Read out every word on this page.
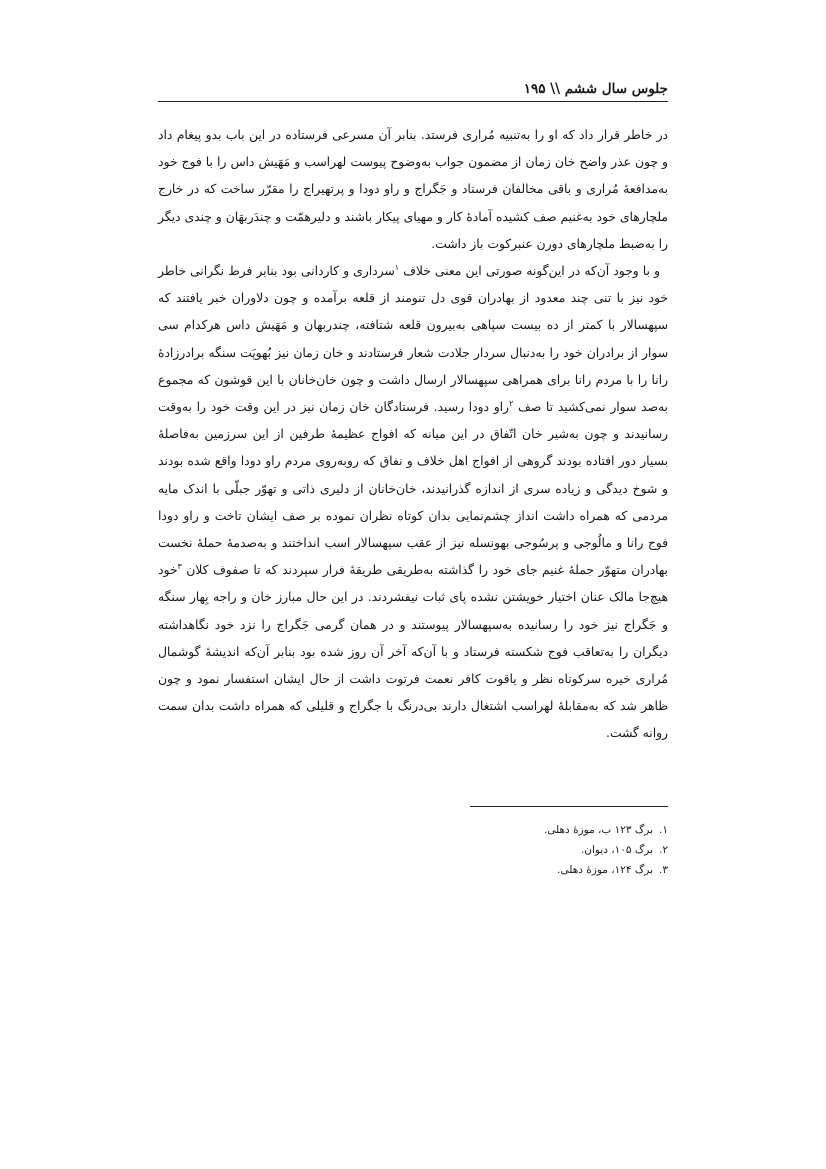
جلوس سال ششم \\ ۱۹۵

در خاطر قرار داد که او را به‌تنبیه مُراری فرستد. بنابر آن مسرعی فرستاده در این باب بدو پیغام داد و چون عذر واضح خان زمان از مضمون جواب به‌وضوح پیوست لهراسب و مَهَیش داس را با فوج خود به‌مدافعهٔ مُراری و باقی مخالفان فرستاد و جَگراج و راو دودا و پرتهیراج را مقرّر ساخت که در خارج ملچارهای خود به‌غنیم صف کشیده آمادهٔ کار و مهیای پیکار باشند و دلیرهمّت و چندَربهَان و چندی دیگر را به‌ضبط ملچارهای دورن عنبرکوت باز داشت.

و با وجود آن‌که در این‌گونه صورتی این معنی خلاف $^۱$سرداری و کاردانی بود بنابر فرط نگرانی خاطر خود نیز با تنی چند معدود از بهادران قوی دل تنومند از قلعه برآمده و چون دلاوران خبر یافتند که سپهسالار با کمتر از ده بیست سپاهی به‌بیرون قلعه شتافته، چندربهان و مَهَیش داس هرکدام سی سوار از برادران خود را به‌دنبال سردار جلادت شعار فرستادند و خان زمان نیز بُهوپَت سنگه برادرزادهٔ رانا را با مردم رانا برای همراهی سپهسالار ارسال داشت و چون خان‌خانان با این قوشون که مجموع به‌صد سوار نمی‌کشید تا صف $^۲$راو دودا رسید. فرستادگان خان زمان نیز در این وقت خود را به‌وقت رسانیدند و چون به‌شیر خان اتّفاق در این میانه که افواج عظیمهٔ طرفین از این سرزمین به‌فاصلهٔ بسیار دور افتاده بودند گروهی از افواج اهل خلاف و نفاق که روبه‌روی مردم راو دودا واقع شده بودند و شوخ دیدگی و زیاده سری از اندازه گذرانیدند، خان‌خانان از دلیری ذاتی و تهوّر جبلّی با اندک مایه مردمی که همراه داشت انداز چشم‌نمایی بدان کوتاه نظران نموده بر صف ایشان تاخت و راو دودا فوج رانا و مالُوجی و پرسُوجی بهونسله نیز از عقب سپهسالار اسب انداختند و به‌صدمهٔ حملهٔ نخست بهادران متهوّر جملهٔ غنیم جای خود را گذاشته به‌طریقی طریقهٔ فرار سپردند که تا صفوف کلان $^۳$خود هیچ‌جا مالک عنان اختیار خویشتن نشده پای ثبات نیفشردند. در این حال مبارز خان و راجه بِهار سنگه و جَگراج نیز خود را رسانیده به‌سپهسالار پیوستند و در همان گرمی جَگراج را نزد خود نگاهداشته دیگران را به‌تعاقب فوج شکسته فرستاد و با آن‌که آخر آن روز شده بود بنابر آن‌که اندیشهٔ گوشمال مُراری خیره سرکوتاه نظر و یاقوت کافر نعمت فرتوت داشت از حال ایشان استفسار نمود و چون ظاهر شد که به‌مقابلهٔ لهراسب اشتغال دارند بی‌درنگ با جگراج و قلیلی که همراه داشت بدان سمت روانه گشت.

۱.برگ ۱۲۳ ب، موزهٔ دهلی.
۲.برگ ۱۰۵، دیوان.
۳.برگ ۱۲۴، موزهٔ دهلی.
